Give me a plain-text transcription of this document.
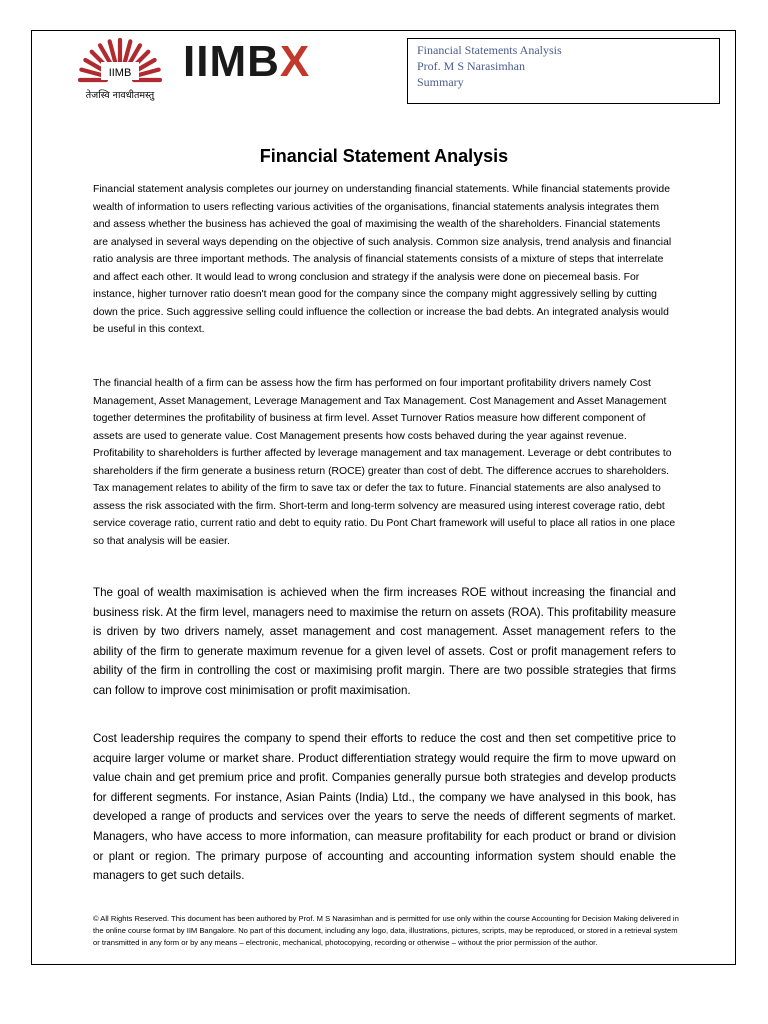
IIMB
तेजस्वि नावधीतमस्तु
IIMBX	Financial Statements Analysis
Prof. M S Narasimhan
Summary
Financial Statement Analysis

Financial statement analysis completes our journey on understanding financial statements. While financial statements provide wealth of information to users reflecting various activities of the organisations, financial statements analysis integrates them and assess whether the business has achieved the goal of maximising the wealth of the shareholders. Financial statements are analysed in several ways depending on the objective of such analysis. Common size analysis, trend analysis and financial ratio analysis are three important methods. The analysis of financial statements consists of a mixture of steps that interrelate and affect each other. It would lead to wrong conclusion and strategy if the analysis were done on piecemeal basis. For instance, higher turnover ratio doesn't mean good for the company since the company might aggressively selling by cutting down the price. Such aggressive selling could influence the collection or increase the bad debts. An integrated analysis would be useful in this context.

The financial health of a firm can be assess how the firm has performed on four important profitability drivers namely Cost Management, Asset Management, Leverage Management and Tax Management. Cost Management and Asset Management together determines the profitability of business at firm level. Asset Turnover Ratios measure how different component of assets are used to generate value. Cost Management presents how costs behaved during the year against revenue. Profitability to shareholders is further affected by leverage management and tax management. Leverage or debt contributes to shareholders if the firm generate a business return (ROCE) greater than cost of debt. The difference accrues to shareholders. Tax management relates to ability of the firm to save tax or defer the tax to future. Financial statements are also analysed to assess the risk associated with the firm. Short-term and long-term solvency are measured using interest coverage ratio, debt service coverage ratio, current ratio and debt to equity ratio. Du Pont Chart framework will useful to place all ratios in one place so that analysis will be easier.

The goal of wealth maximisation is achieved when the firm increases ROE without increasing the financial and business risk. At the firm level, managers need to maximise the return on assets (ROA). This profitability measure is driven by two drivers namely, asset management and cost management. Asset management refers to the ability of the firm to generate maximum revenue for a given level of assets. Cost or profit management refers to ability of the firm in controlling the cost or maximising profit margin. There are two possible strategies that firms can follow to improve cost minimisation or profit maximisation.

Cost leadership requires the company to spend their efforts to reduce the cost and then set competitive price to acquire larger volume or market share. Product differentiation strategy would require the firm to move upward on value chain and get premium price and profit. Companies generally pursue both strategies and develop products for different segments. For instance, Asian Paints (India) Ltd., the company we have analysed in this book, has developed a range of products and services over the years to serve the needs of different segments of market. Managers, who have access to more information, can measure profitability for each product or brand or division or plant or region. The primary purpose of accounting and accounting information system should enable the managers to get such details.

© All Rights Reserved. This document has been authored by Prof. M S Narasimhan and is permitted for use only within the course Accounting for Decision Making delivered in the online course format by IIM Bangalore. No part of this document, including any logo, data, illustrations, pictures, scripts, may be reproduced, or stored in a retrieval system or transmitted in any form or by any means – electronic, mechanical, photocopying, recording or otherwise – without the prior permission of the author.
